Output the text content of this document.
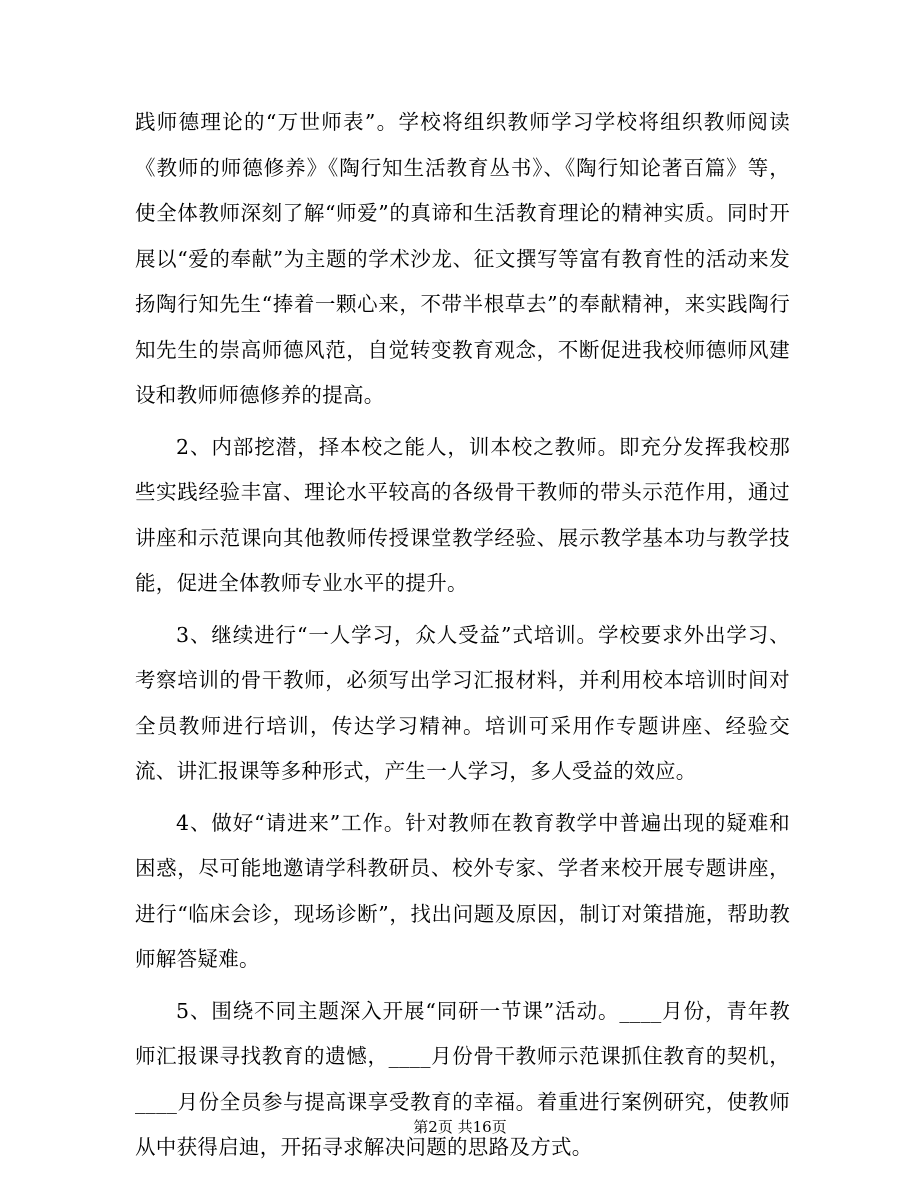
践师德理论的“万世师表”。学校将组织教师学习学校将组织教师阅读《教师的师德修养》《陶行知生活教育丛书》、《陶行知论著百篇》等，使全体教师深刻了解“师爱”的真谛和生活教育理论的精神实质。同时开展以“爱的奉献”为主题的学术沙龙、征文撰写等富有教育性的活动来发扬陶行知先生“捧着一颗心来，不带半根草去”的奉献精神，来实践陶行知先生的崇高师德风范，自觉转变教育观念，不断促进我校师德师风建设和教师师德修养的提高。

2、内部挖潜，择本校之能人，训本校之教师。即充分发挥我校那些实践经验丰富、理论水平较高的各级骨干教师的带头示范作用，通过讲座和示范课向其他教师传授课堂教学经验、展示教学基本功与教学技能，促进全体教师专业水平的提升。

3、继续进行“一人学习，众人受益”式培训。学校要求外出学习、考察培训的骨干教师，必须写出学习汇报材料，并利用校本培训时间对全员教师进行培训，传达学习精神。培训可采用作专题讲座、经验交流、讲汇报课等多种形式，产生一人学习，多人受益的效应。

4、做好“请进来”工作。针对教师在教育教学中普遍出现的疑难和困惑，尽可能地邀请学科教研员、校外专家、学者来校开展专题讲座，进行“临床会诊，现场诊断”，找出问题及原因，制订对策措施，帮助教师解答疑难。

5、围绕不同主题深入开展“同研一节课”活动。____月份，青年教师汇报课寻找教育的遗憾，____月份骨干教师示范课抓住教育的契机，____月份全员参与提高课享受教育的幸福。着重进行案例研究，使教师从中获得启迪，开拓寻求解决问题的思路及方式。

第2页 共16页
